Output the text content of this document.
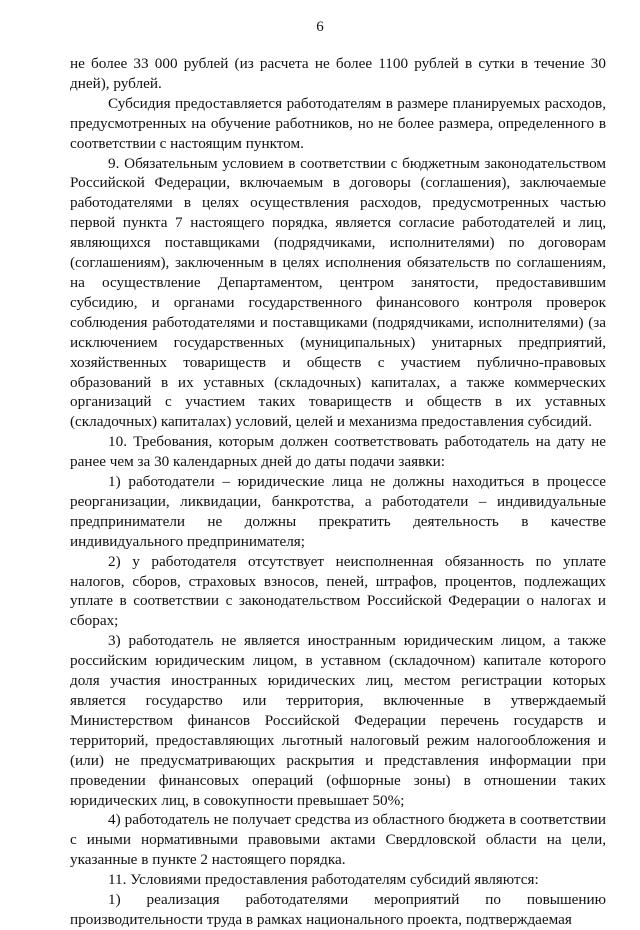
6

не более 33 000 рублей (из расчета не более 1100 рублей в сутки в течение 30 дней), рублей.

Субсидия предоставляется работодателям в размере планируемых расходов, предусмотренных на обучение работников, но не более размера, определенного в соответствии с настоящим пунктом.

9. Обязательным условием в соответствии с бюджетным законодательством Российской Федерации, включаемым в договоры (соглашения), заключаемые работодателями в целях осуществления расходов, предусмотренных частью первой пункта 7 настоящего порядка, является согласие работодателей и лиц, являющихся поставщиками (подрядчиками, исполнителями) по договорам (соглашениям), заключенным в целях исполнения обязательств по соглашениям, на осуществление Департаментом, центром занятости, предоставившим субсидию, и органами государственного финансового контроля проверок соблюдения работодателями и поставщиками (подрядчиками, исполнителями) (за исключением государственных (муниципальных) унитарных предприятий, хозяйственных товариществ и обществ с участием публично-правовых образований в их уставных (складочных) капиталах, а также коммерческих организаций с участием таких товариществ и обществ в их уставных (складочных) капиталах) условий, целей и механизма предоставления субсидий.

10. Требования, которым должен соответствовать работодатель на дату не ранее чем за 30 календарных дней до даты подачи заявки:

1) работодатели – юридические лица не должны находиться в процессе реорганизации, ликвидации, банкротства, а работодатели – индивидуальные предприниматели не должны прекратить деятельность в качестве индивидуального предпринимателя;

2) у работодателя отсутствует неисполненная обязанность по уплате налогов, сборов, страховых взносов, пеней, штрафов, процентов, подлежащих уплате в соответствии с законодательством Российской Федерации о налогах и сборах;

3) работодатель не является иностранным юридическим лицом, а также российским юридическим лицом, в уставном (складочном) капитале которого доля участия иностранных юридических лиц, местом регистрации которых является государство или территория, включенные в утверждаемый Министерством финансов Российской Федерации перечень государств и территорий, предоставляющих льготный налоговый режим налогообложения и (или) не предусматривающих раскрытия и представления информации при проведении финансовых операций (офшорные зоны) в отношении таких юридических лиц, в совокупности превышает 50%;

4) работодатель не получает средства из областного бюджета в соответствии с иными нормативными правовыми актами Свердловской области на цели, указанные в пункте 2 настоящего порядка.

11. Условиями предоставления работодателям субсидий являются:

1) реализация работодателями мероприятий по повышению производительности труда в рамках национального проекта, подтверждаемая
